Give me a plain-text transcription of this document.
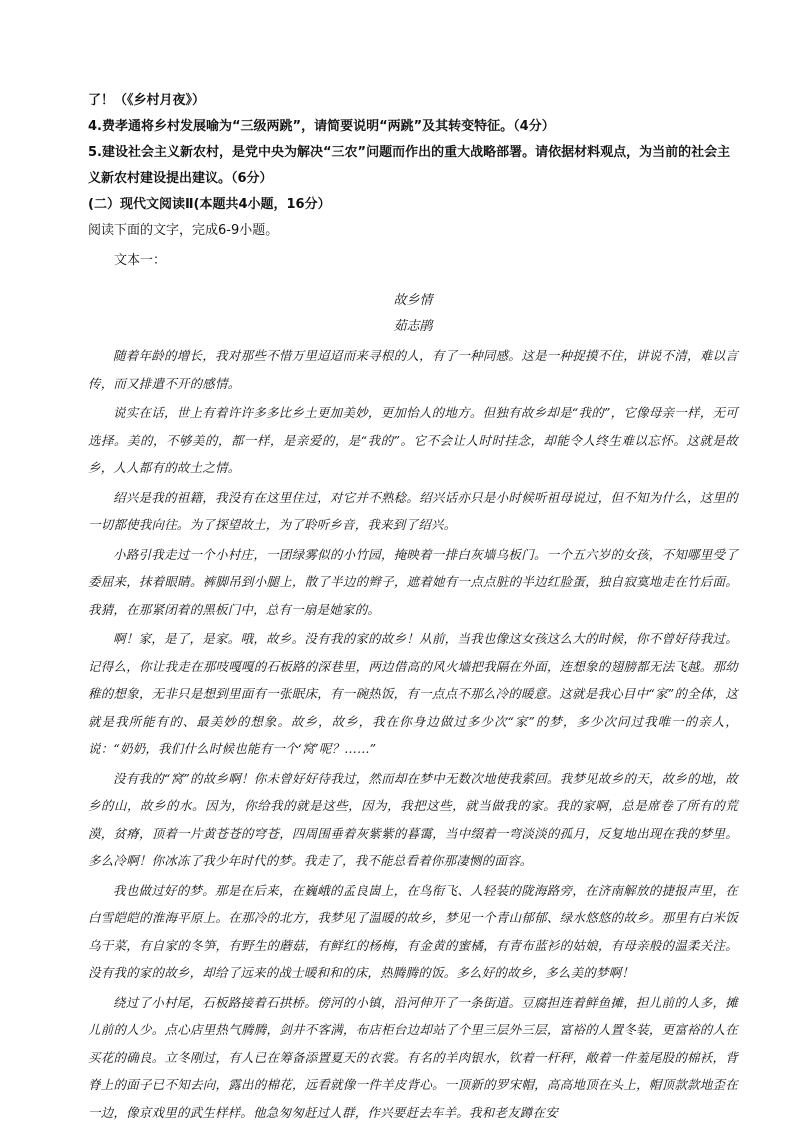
了！（《乡村月夜》）

4.费孝通将乡村发展喻为“三级两跳”，请简要说明“两跳”及其转变特征。（4分）

5.建设社会主义新农村，是党中央为解决“三农”问题而作出的重大战略部署。请依据材料观点，为当前的社会主义新农村建设提出建议。（6分）

(二）现代文阅读Ⅱ(本题共4小题，16分）

阅读下面的文字，完成6-9小题。

文本一：

故乡情

茹志鹃

随着年龄的增长，我对那些不惜万里迢迢而来寻根的人，有了一种同感。这是一种捉摸不住，讲说不清，难以言传，而又排遣不开的感情。

说实在话，世上有着许许多多比乡土更加美妙，更加怡人的地方。但独有故乡却是“我的”，它像母亲一样，无可选择。美的，不够美的，都一样，是亲爱的，是“我的”。它不会让人时时挂念，却能令人终生难以忘怀。这就是故乡，人人都有的故土之情。

绍兴是我的祖籍，我没有在这里住过，对它并不熟稔。绍兴话亦只是小时候听祖母说过，但不知为什么，这里的一切都使我向往。为了探望故土，为了聆听乡音，我来到了绍兴。

小路引我走过一个小村庄，一团绿雾似的小竹园，掩映着一排白灰墙乌板门。一个五六岁的女孩，不知哪里受了委屈来，抹着眼睛。裤脚吊到小腿上，散了半边的辫子，遮着她有一点点脏的半边红脸蛋，独自寂寞地走在竹后面。我猜，在那紧闭着的黑板门中，总有一扇是她家的。

啊！家，是了，是家。哦，故乡。没有我的家的故乡！从前，当我也像这女孩这么大的时候，你不曾好待我过。记得么，你让我走在那吱嘎嘎的石板路的深巷里，两边借高的风火墙把我隔在外面，连想象的翅膀都无法飞越。那幼稚的想象，无非只是想到里面有一张眠床，有一碗热饭，有一点点不那么冷的暖意。这就是我心目中“家”的全体，这就是我所能有的、最美妙的想象。故乡，故乡，我在你身边做过多少次“家”的梦，多少次问过我唯一的亲人，说：“奶奶，我们什么时候也能有一个‘窝’呢？……”

没有我的“窝”的故乡啊！你未曾好好待我过，然而却在梦中无数次地使我萦回。我梦见故乡的天，故乡的地，故乡的山，故乡的水。因为，你给我的就是这些，因为，我把这些，就当做我的家。我的家啊，总是席卷了所有的荒漠，贫瘠，顶着一片黄苍苍的穹苍，四周围垂着灰紫紫的暮霭，当中缀着一弯淡淡的孤月，反复地出现在我的梦里。多么冷啊！你冰冻了我少年时代的梦。我走了，我不能总看着你那凄恻的面容。

我也做过好的梦。那是在后来，在巍峨的孟良崮上，在鸟衔飞、人轻装的陇海路旁，在济南解放的捷报声里，在白雪皑皑的淮海平原上。在那冷的北方，我梦见了温暖的故乡，梦见一个青山郁郁、绿水悠悠的故乡。那里有白米饭乌干菜，有自家的冬笋，有野生的蘑菇，有鲜红的杨梅，有金黄的蜜橘，有青布蓝衫的姑娘，有母亲般的温柔关注。没有我的家的故乡，却给了远来的战士暖和和的床，热腾腾的饭。多么好的故乡，多么美的梦啊！

绕过了小村尾，石板路接着石拱桥。傍河的小镇，沿河伸开了一条街道。豆腐担连着鲜鱼摊，担儿前的人多，摊儿前的人少。点心店里热气腾腾，剑井不客满，布店柜台边却站了个里三层外三层，富裕的人置冬装，更富裕的人在买花的确良。立冬刚过，有人已在筹备添置夏天的衣裳。有名的羊肉银水，钦着一杆秤，敞着一件羞尾股的棉袄，背脊上的面子已不知去向，露出的棉花，远看就像一件羊皮背心。一顶新的罗宋帽，高高地顶在头上，帽顶款款地歪在一边，像京戏里的武生样样。他急匆匆赶过人群，作兴要赶去车羊。我和老友蹲在安
